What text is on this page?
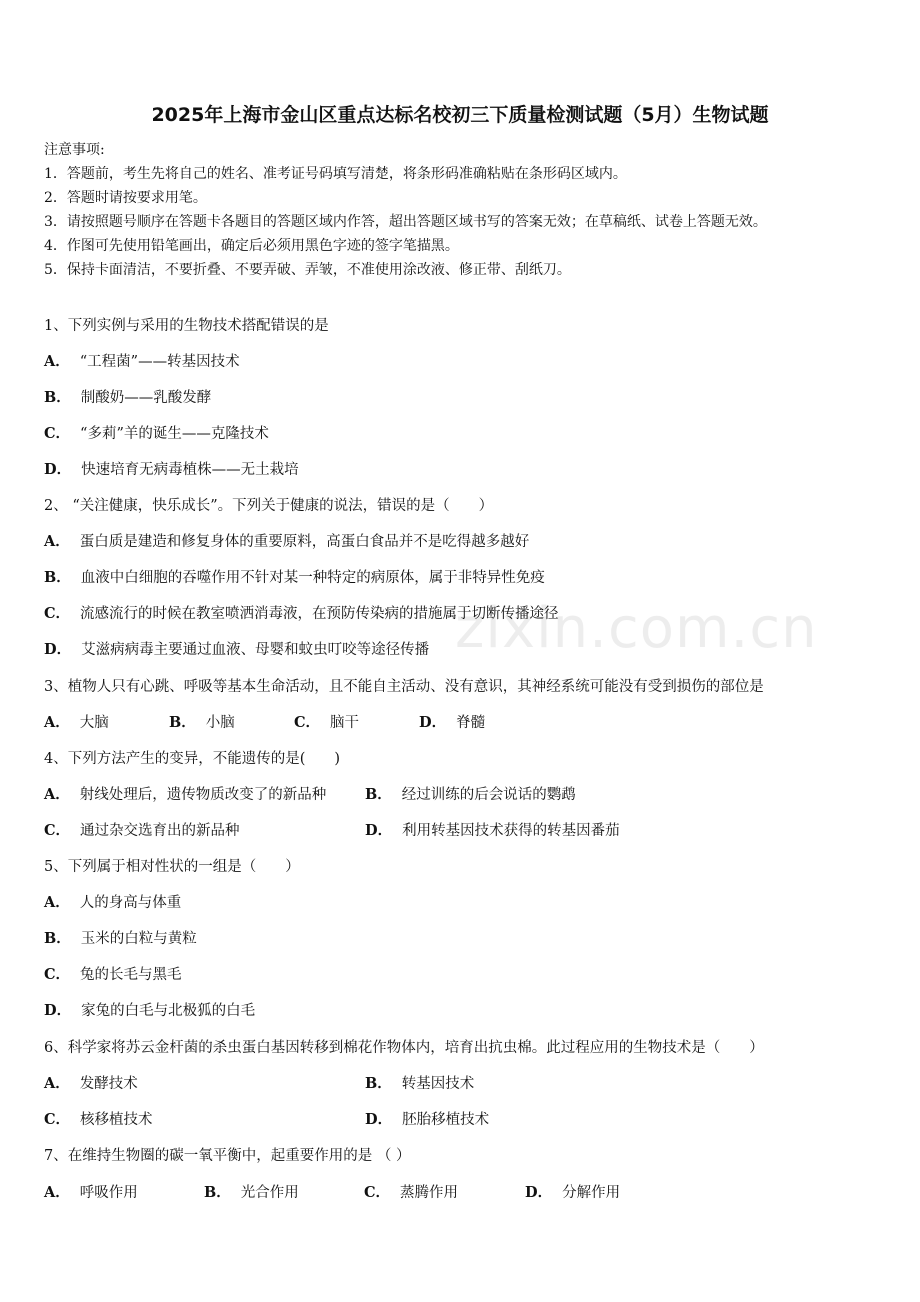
zixin.com.cn
2025年上海市金山区重点达标名校初三下质量检测试题（5月）生物试题
注意事项:
1．答题前，考生先将自己的姓名、准考证号码填写清楚，将条形码准确粘贴在条形码区域内。
2．答题时请按要求用笔。
3．请按照题号顺序在答题卡各题目的答题区域内作答，超出答题区域书写的答案无效；在草稿纸、试卷上答题无效。
4．作图可先使用铅笔画出，确定后必须用黑色字迹的签字笔描黑。
5．保持卡面清洁，不要折叠、不要弄破、弄皱，不准使用涂改液、修正带、刮纸刀。
1、下列实例与采用的生物技术搭配错误的是
A． “工程菌”——转基因技术
B． 制酸奶——乳酸发酵
C． “多莉”羊的诞生——克隆技术
D． 快速培育无病毒植株——无土栽培
2、 “关注健康，快乐成长”。下列关于健康的说法，错误的是（　　）
A． 蛋白质是建造和修复身体的重要原料，高蛋白食品并不是吃得越多越好
B． 血液中白细胞的吞噬作用不针对某一种特定的病原体，属于非特异性免疫
C． 流感流行的时候在教室喷洒消毒液，在预防传染病的措施属于切断传播途径
D． 艾滋病病毒主要通过血液、母婴和蚊虫叮咬等途径传播
3、植物人只有心跳、呼吸等基本生命活动，且不能自主活动、没有意识，其神经系统可能没有受到损伤的部位是
A． 大脑	B． 小脑	C． 脑干	D． 脊髓
4、下列方法产生的变异，不能遗传的是(　　)
A． 射线处理后，遗传物质改变了的新品种	B． 经过训练的后会说话的鹦鹉
C． 通过杂交选育出的新品种	D． 利用转基因技术获得的转基因番茄
5、下列属于相对性状的一组是（　　）
A． 人的身高与体重
B． 玉米的白粒与黄粒
C． 兔的长毛与黑毛
D． 家兔的白毛与北极狐的白毛
6、科学家将苏云金杆菌的杀虫蛋白基因转移到棉花作物体内，培育出抗虫棉。此过程应用的生物技术是（　　）
A． 发酵技术	B． 转基因技术
C． 核移植技术	D． 胚胎移植技术
7、在维持生物圈的碳一氧平衡中，起重要作用的是 （ ）
A． 呼吸作用	B． 光合作用	C． 蒸腾作用	D． 分解作用
